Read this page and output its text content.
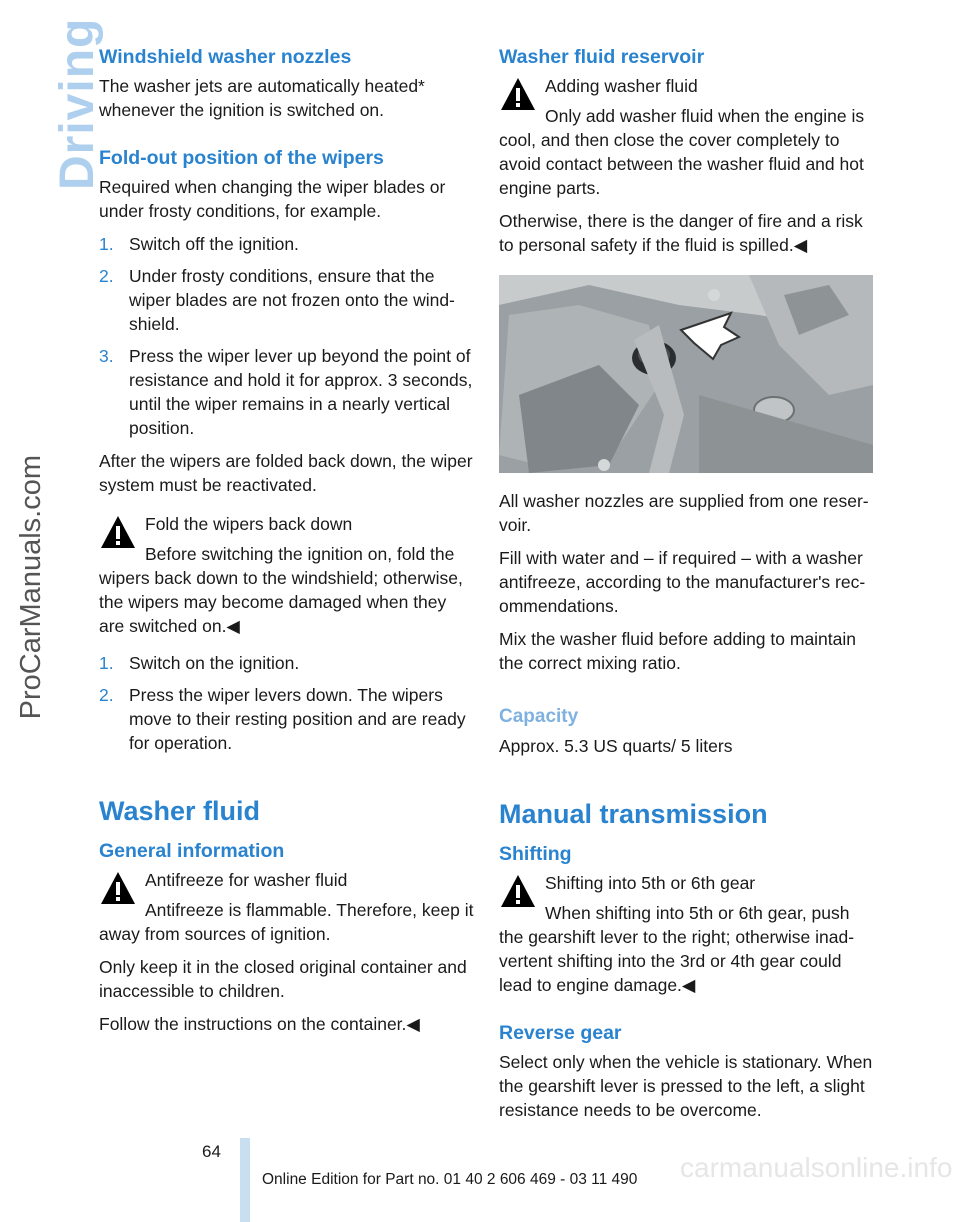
Driving
ProCarManuals.com
Windshield washer nozzles

The washer jets are automatically heated* whenever the ignition is switched on.

Fold-out position of the wipers

Required when changing the wiper blades or under frosty conditions, for example.

1. Switch off the ignition.
2. Under frosty conditions, ensure that the wiper blades are not frozen onto the wind-shield.
3. Press the wiper lever up beyond the point of resistance and hold it for approx. 3 seconds, until the wiper remains in a nearly vertical position.

After the wipers are folded back down, the wiper system must be reactivated.

Fold the wipers back down
Before switching the ignition on, fold the wipers back down to the windshield; otherwise, the wipers may become damaged when they are switched on.◀
1. Switch on the ignition.
2. Press the wiper levers down. The wipers move to their resting position and are ready for operation.
Washer fluid
General information
Antifreeze for washer fluid
Antifreeze is flammable. Therefore, keep it away from sources of ignition.

Only keep it in the closed original container and inaccessible to children.

Follow the instructions on the container.◀

Washer fluid reservoir
Adding washer fluid
Only add washer fluid when the engine is cool, and then close the cover completely to avoid contact between the washer fluid and hot engine parts.

Otherwise, there is the danger of fire and a risk to personal safety if the fluid is spilled.◀

All washer nozzles are supplied from one reser-voir.

Fill with water and – if required – with a washer antifreeze, according to the manufacturer's rec-ommendations.

Mix the washer fluid before adding to maintain the correct mixing ratio.

Capacity

Approx. 5.3 US quarts/ 5 liters

Manual transmission
Shifting
Shifting into 5th or 6th gear
When shifting into 5th or 6th gear, push the gearshift lever to the right; otherwise inad-vertent shifting into the 3rd or 4th gear could lead to engine damage.◀
Reverse gear

Select only when the vehicle is stationary. When the gearshift lever is pressed to the left, a slight resistance needs to be overcome.

64
carmanualsonline.info
Online Edition for Part no. 01 40 2 606 469 - 03 11 490
